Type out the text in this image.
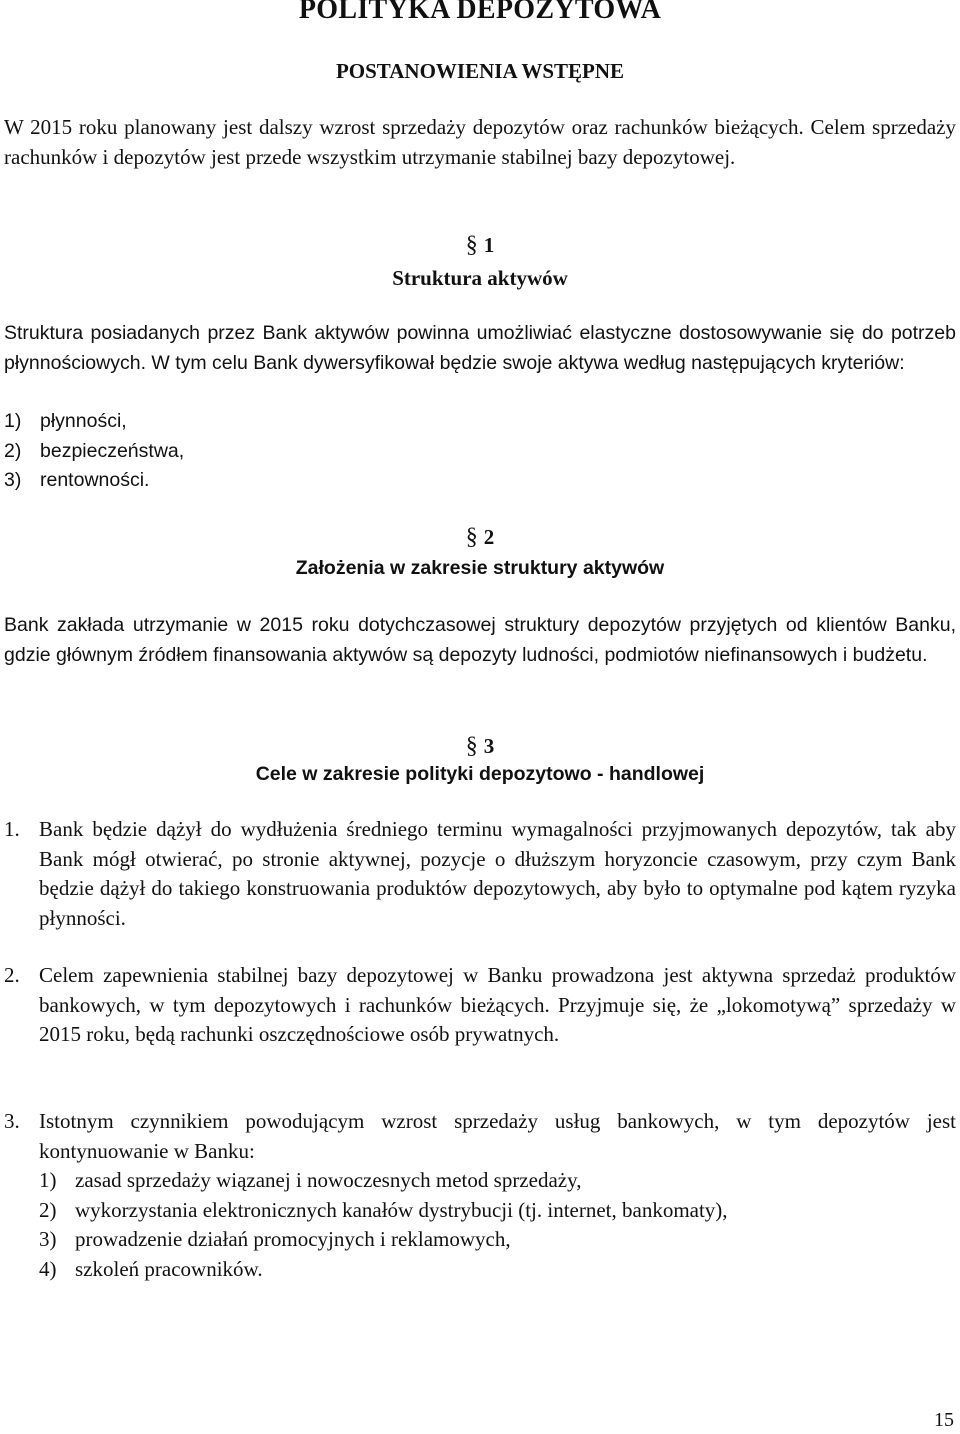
POLITYKA DEPOZYTOWA
POSTANOWIENIA WSTĘPNE

W 2015 roku planowany jest dalszy wzrost sprzedaży depozytów oraz rachunków bieżących. Celem sprzedaży rachunków i depozytów jest przede wszystkim utrzymanie stabilnej bazy depozytowej.

§ 1
Struktura aktywów

Struktura posiadanych przez Bank aktywów powinna umożliwiać elastyczne dostosowywanie się do potrzeb płynnościowych. W tym celu Bank dywersyfikował będzie swoje aktywa według następujących kryteriów:

1) płynności,
2) bezpieczeństwa,
3) rentowności.
§ 2
Założenia w zakresie struktury aktywów

Bank zakłada utrzymanie w 2015 roku dotychczasowej struktury depozytów przyjętych od klientów Banku, gdzie głównym źródłem finansowania aktywów są depozyty ludności, podmiotów niefinansowych i budżetu.

§ 3
Cele w zakresie polityki depozytowo - handlowej
1. Bank będzie dążył do wydłużenia średniego terminu wymagalności przyjmowanych depozytów, tak aby Bank mógł otwierać, po stronie aktywnej, pozycje o dłuższym horyzoncie czasowym, przy czym Bank będzie dążył do takiego konstruowania produktów depozytowych, aby było to optymalne pod kątem ryzyka płynności.
2. Celem zapewnienia stabilnej bazy depozytowej w Banku prowadzona jest aktywna sprzedaż produktów bankowych, w tym depozytowych i rachunków bieżących. Przyjmuje się, że „lokomotywą” sprzedaży w 2015 roku, będą rachunki oszczędnościowe osób prywatnych.
3. Istotnym czynnikiem powodującym wzrost sprzedaży usług bankowych, w tym depozytów jest kontynuowanie w Banku:
1) zasad sprzedaży wiązanej i nowoczesnych metod sprzedaży,
2) wykorzystania elektronicznych kanałów dystrybucji (tj. internet, bankomaty),
3) prowadzenie działań promocyjnych i reklamowych,
4) szkoleń pracowników.
15
